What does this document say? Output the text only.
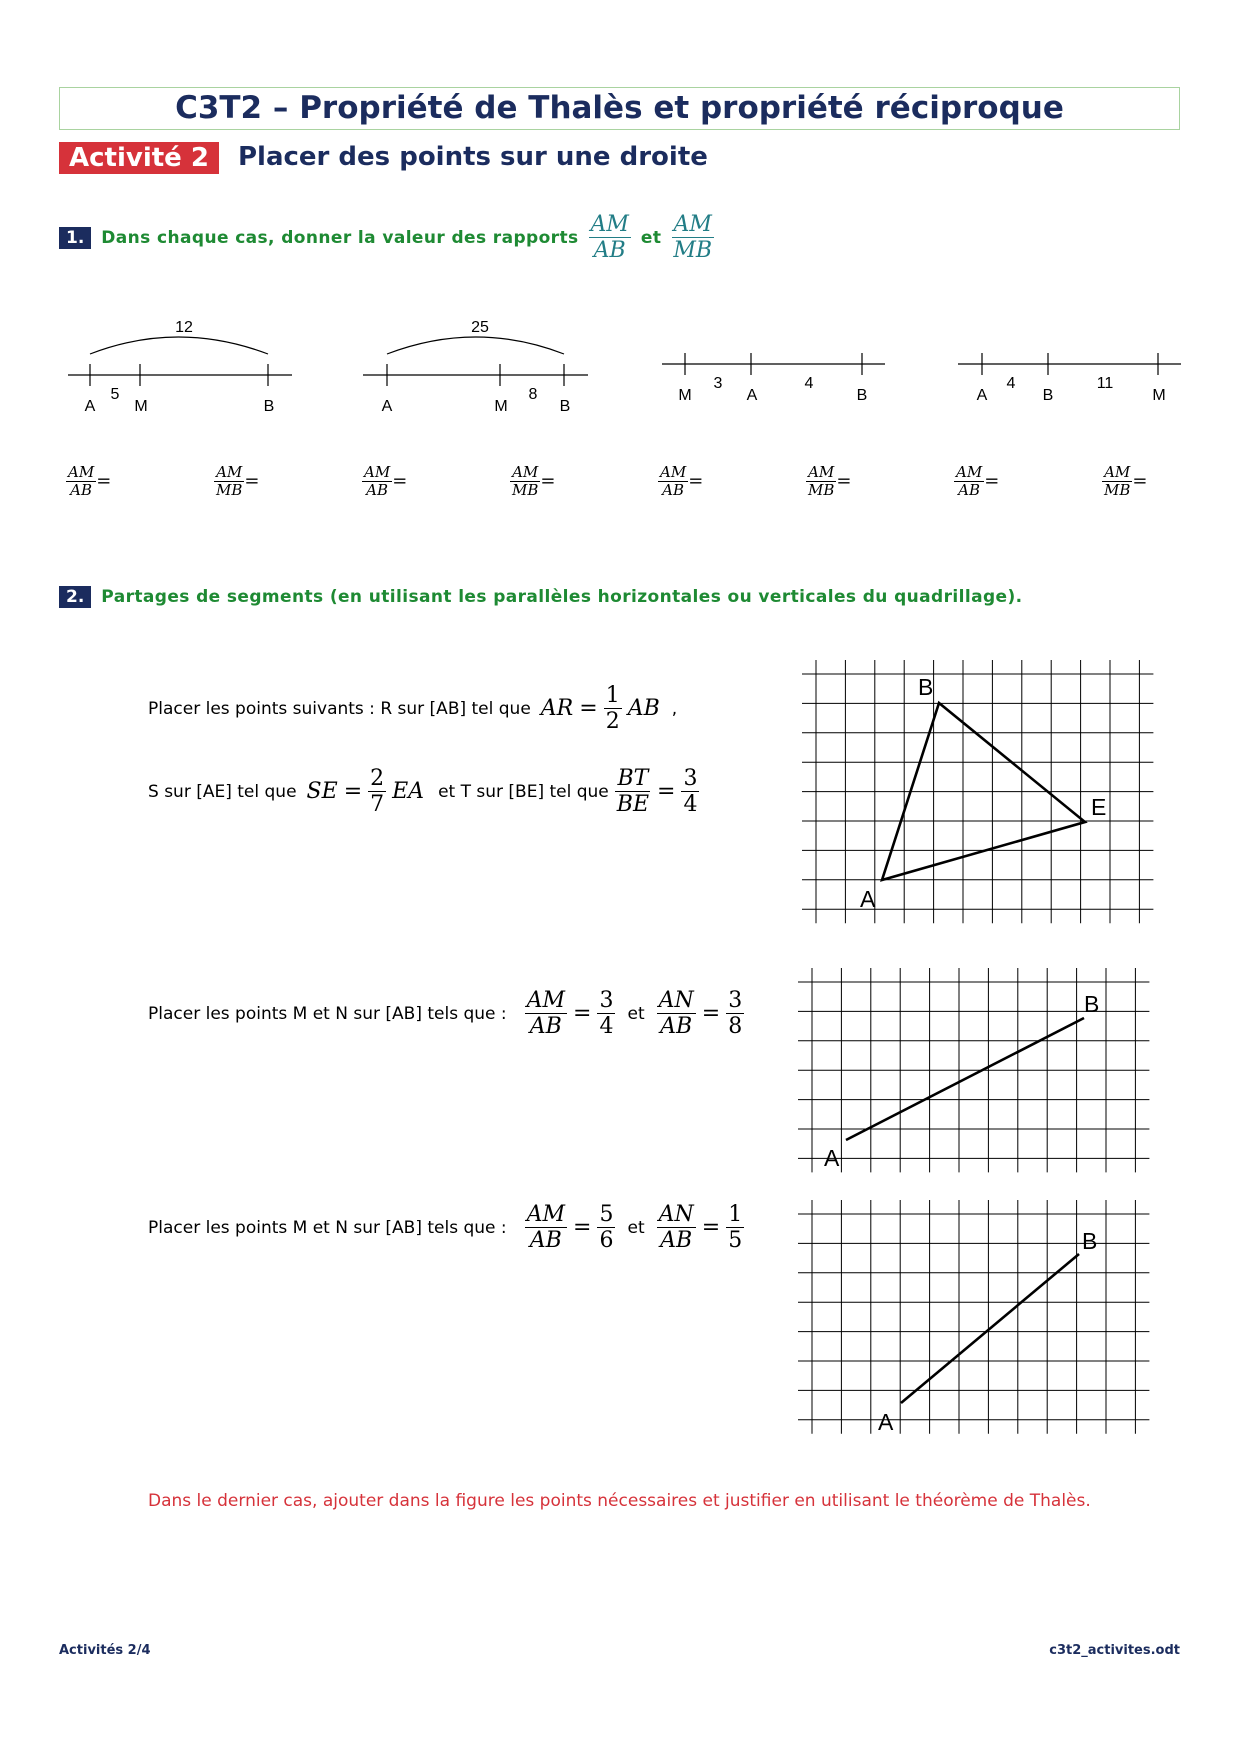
C3T2 – Propriété de Thalès et propriété réciproque
Activité 2	Placer des points sur une droite
1.	Dans chaque cas, donner la valeur des rapports $\frac{AM}{AB}$ et $\frac{AM}{MB}$
12
5
A M	B
25
8
A	M	B
3	4
M	A	B
4	11
A	B	M
$\frac{AM}{AB}$ =	$\frac{AM}{MB}$ =	$\frac{AM}{AB}$ =	$\frac{AM}{MB}$ =	$\frac{AM}{AB}$ =	$\frac{AM}{MB}$ =	$\frac{AM}{AB}$ =	$\frac{AM}{MB}$ =
2.	Partages de segments (en utilisant les parallèles horizontales ou verticales du quadrillage).
Placer les points suivants : R sur [AB] tel que AR = $\frac{1}{2}$ AB ,
S sur [AE] tel que SE = $\frac{2}{7}$ EA et T sur [BE] tel que $\frac{BT}{BE} = \frac{3}{4}$
A
B
E
Placer les points M et N sur [AB] tels que : $\frac{AM}{AB} = \frac{3}{4}$ et $\frac{AN}{AB} = \frac{3}{8}$
A
B
Placer les points M et N sur [AB] tels que : $\frac{AM}{AB} = \frac{5}{6}$ et $\frac{AN}{AB} = \frac{1}{5}$
A
B
Dans le dernier cas, ajouter dans la figure les points nécessaires et justifier en utilisant le théorème de Thalès.
Activités 2/4	c3t2_activites.odt
